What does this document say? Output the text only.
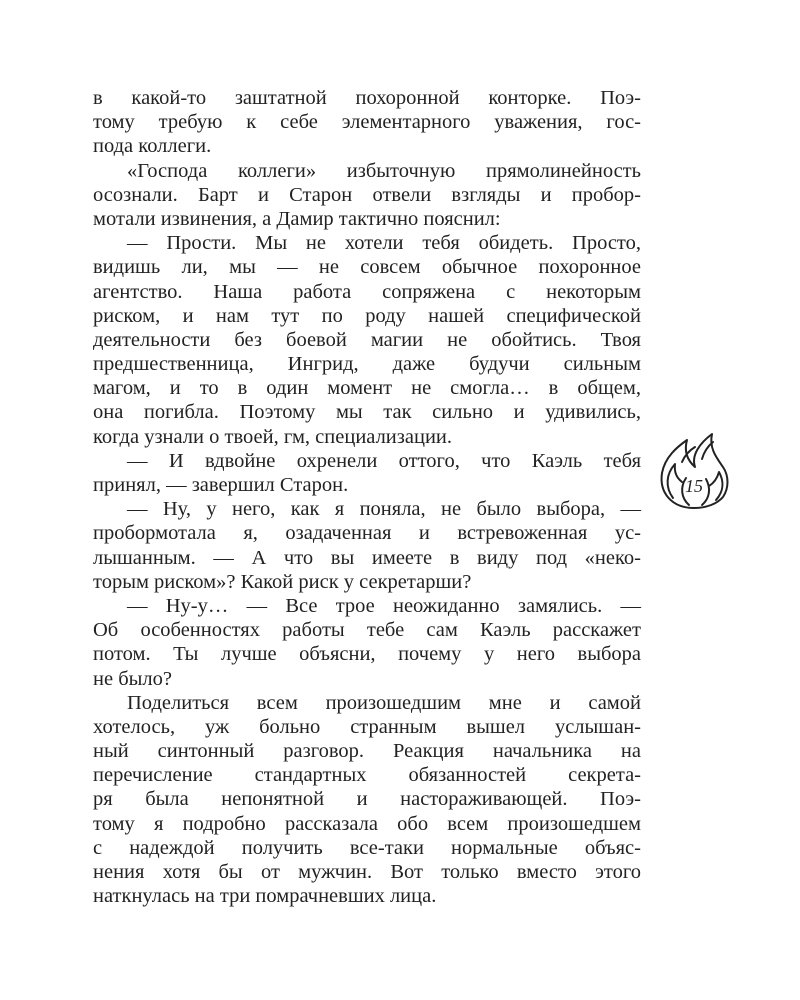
в какой-то заштатной похоронной конторке. Поэ-
тому требую к себе элементарного уважения, гос-
пода коллеги.
«Господа коллеги» избыточную прямолинейность
осознали. Барт и Старон отвели взгляды и пробор-
мотали извинения, а Дамир тактично пояснил:
— Прости. Мы не хотели тебя обидеть. Просто,
видишь ли, мы — не совсем обычное похоронное
агентство. Наша работа сопряжена с некоторым
риском, и нам тут по роду нашей специфической
деятельности без боевой магии не обойтись. Твоя
предшественница, Ингрид, даже будучи сильным
магом, и то в один момент не смогла… в общем,
она погибла. Поэтому мы так сильно и удивились,
когда узнали о твоей, гм, специализации.
— И вдвойне охренели оттого, что Каэль тебя
принял, — завершил Старон.
— Ну, у него, как я поняла, не было выбора, —
пробормотала я, озадаченная и встревоженная ус-
лышанным. — А что вы имеете в виду под «неко-
торым риском»? Какой риск у секретарши?
— Ну-у… — Все трое неожиданно замялись. —
Об особенностях работы тебе сам Каэль расскажет
потом. Ты лучше объясни, почему у него выбора
не было?
Поделиться всем произошедшим мне и самой
хотелось, уж больно странным вышел услышан-
ный синтонный разговор. Реакция начальника на
перечисление стандартных обязанностей секрета-
ря была непонятной и настораживающей. Поэ-
тому я подробно рассказала обо всем произошедшем
с надеждой получить все-таки нормальные объяс-
нения хотя бы от мужчин. Вот только вместо этого
наткнулась на три помрачневших лица.
15
